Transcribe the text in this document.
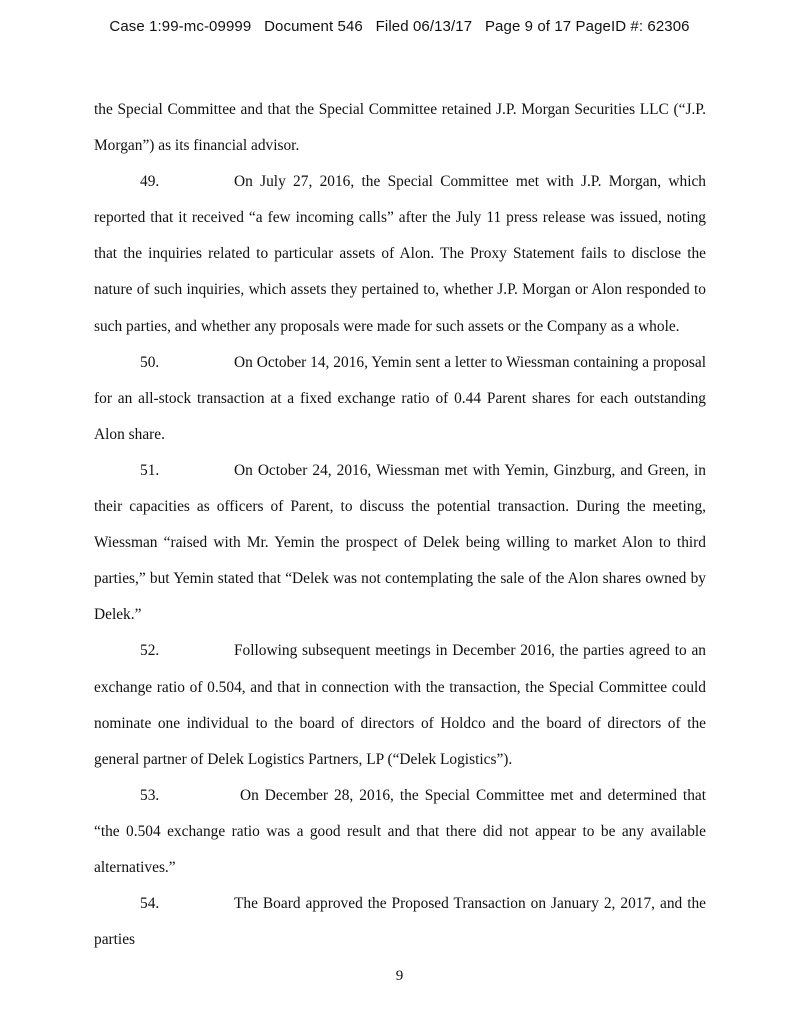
Case 1:99-mc-09999 Document 546 Filed 06/13/17 Page 9 of 17 PageID #: 62306

the Special Committee and that the Special Committee retained J.P. Morgan Securities LLC (“J.P. Morgan”) as its financial advisor.

49.	On July 27, 2016, the Special Committee met with J.P. Morgan, which reported that it received “a few incoming calls” after the July 11 press release was issued, noting that the inquiries related to particular assets of Alon. The Proxy Statement fails to disclose the nature of such inquiries, which assets they pertained to, whether J.P. Morgan or Alon responded to such parties, and whether any proposals were made for such assets or the Company as a whole.

50.	On October 14, 2016, Yemin sent a letter to Wiessman containing a proposal for an all-stock transaction at a fixed exchange ratio of 0.44 Parent shares for each outstanding Alon share.

51.	On October 24, 2016, Wiessman met with Yemin, Ginzburg, and Green, in their capacities as officers of Parent, to discuss the potential transaction. During the meeting, Wiessman “raised with Mr. Yemin the prospect of Delek being willing to market Alon to third parties,” but Yemin stated that “Delek was not contemplating the sale of the Alon shares owned by Delek.”

52.	Following subsequent meetings in December 2016, the parties agreed to an exchange ratio of 0.504, and that in connection with the transaction, the Special Committee could nominate one individual to the board of directors of Holdco and the board of directors of the general partner of Delek Logistics Partners, LP (“Delek Logistics”).

53.	On December 28, 2016, the Special Committee met and determined that “the 0.504 exchange ratio was a good result and that there did not appear to be any available alternatives.”

54.	The Board approved the Proposed Transaction on January 2, 2017, and the parties

9
